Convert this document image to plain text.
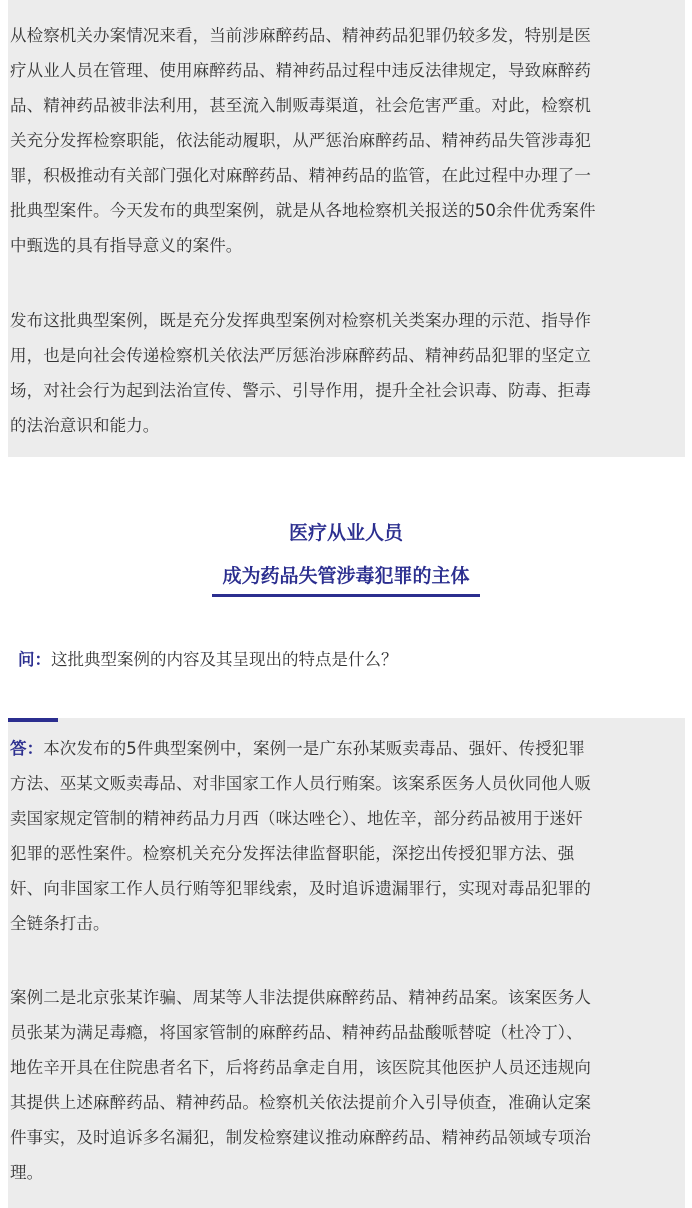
从检察机关办案情况来看，当前涉麻醉药品、精神药品犯罪仍较多发，特别是医
疗从业人员在管理、使用麻醉药品、精神药品过程中违反法律规定，导致麻醉药
品、精神药品被非法利用，甚至流入制贩毒渠道，社会危害严重。对此，检察机
关充分发挥检察职能，依法能动履职，从严惩治麻醉药品、精神药品失管涉毒犯
罪，积极推动有关部门强化对麻醉药品、精神药品的监管，在此过程中办理了一
批典型案件。今天发布的典型案例，就是从各地检察机关报送的50余件优秀案件
中甄选的具有指导意义的案件。
发布这批典型案例，既是充分发挥典型案例对检察机关类案办理的示范、指导作
用，也是向社会传递检察机关依法严厉惩治涉麻醉药品、精神药品犯罪的坚定立
场，对社会行为起到法治宣传、警示、引导作用，提升全社会识毒、防毒、拒毒
的法治意识和能力。
医疗从业人员
成为药品失管涉毒犯罪的主体
问：这批典型案例的内容及其呈现出的特点是什么？
答：本次发布的5件典型案例中，案例一是广东孙某贩卖毒品、强奸、传授犯罪
方法、巫某文贩卖毒品、对非国家工作人员行贿案。该案系医务人员伙同他人贩
卖国家规定管制的精神药品力月西（咪达唑仑）、地佐辛，部分药品被用于迷奸
犯罪的恶性案件。检察机关充分发挥法律监督职能，深挖出传授犯罪方法、强
奸、向非国家工作人员行贿等犯罪线索，及时追诉遗漏罪行，实现对毒品犯罪的
全链条打击。
案例二是北京张某诈骗、周某等人非法提供麻醉药品、精神药品案。该案医务人
员张某为满足毒瘾，将国家管制的麻醉药品、精神药品盐酸哌替啶（杜冷丁）、
地佐辛开具在住院患者名下，后将药品拿走自用，该医院其他医护人员还违规向
其提供上述麻醉药品、精神药品。检察机关依法提前介入引导侦查，准确认定案
件事实，及时追诉多名漏犯，制发检察建议推动麻醉药品、精神药品领域专项治
理。
